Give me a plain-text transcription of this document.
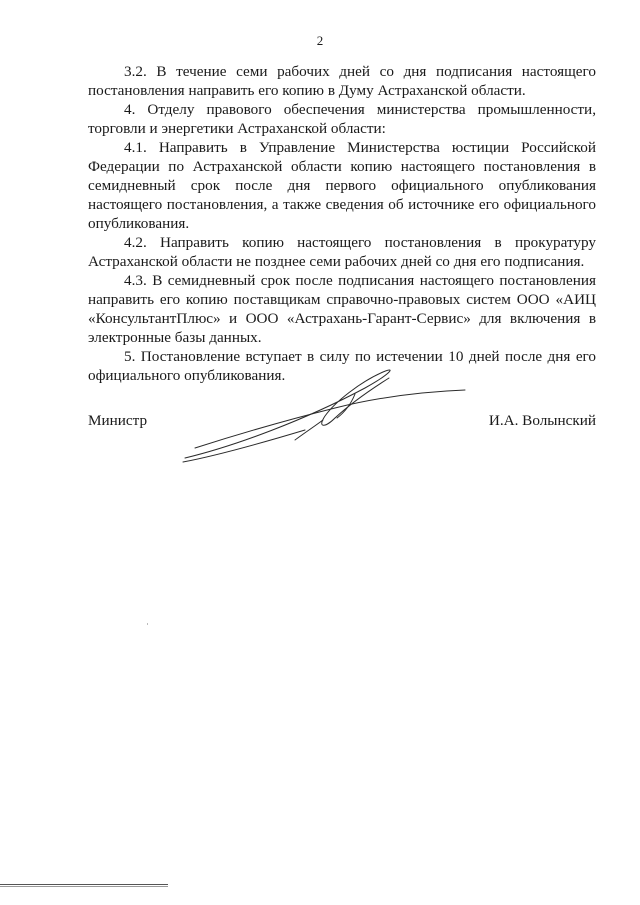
2

3.2. В течение семи рабочих дней со дня подписания настоящего постановления направить его копию в Думу Астраханской области.

4. Отделу правового обеспечения министерства промышленности, торговли и энергетики Астраханской области:

4.1. Направить в Управление Министерства юстиции Российской Федерации по Астраханской области копию настоящего постановления в семидневный срок после дня первого официального опубликования настоящего постановления, а также сведения об источнике его официального опубликования.

4.2. Направить копию настоящего постановления в прокуратуру Астраханской области не позднее семи рабочих дней со дня его подписания.

4.3. В семидневный срок после подписания настоящего постановления направить его копию поставщикам справочно-правовых систем ООО «АИЦ «КонсультантПлюс» и ООО «Астрахань-Гарант-Сервис» для включения в электронные базы данных.

5. Постановление вступает в силу по истечении 10 дней после дня его официального опубликования.

Министр	И.А. Волынский
